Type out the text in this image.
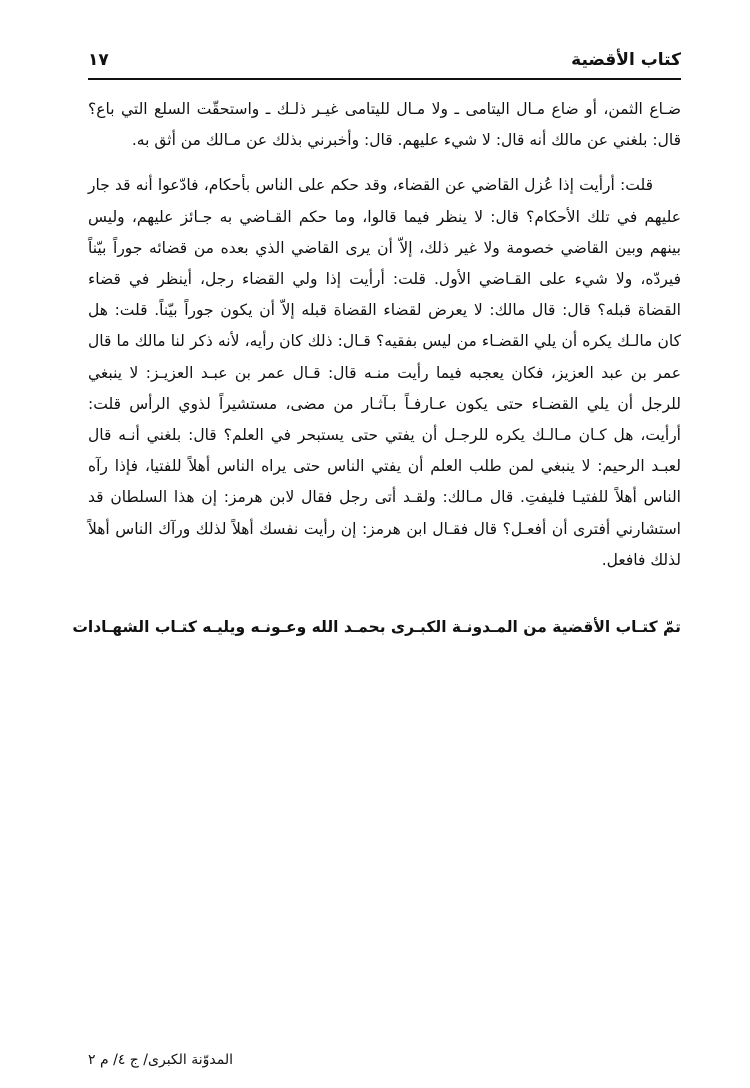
كتاب الأقضية
١٧

ضـاع الثمن، أو ضاع مـال اليتامى ـ ولا مـال لليتامى غيـر ذلـك ـ واستحقّت السلع التي باع؟ قال: بلغني عن مالك أنه قال: لا شيء عليهم. قال: وأخبرني بذلك عن مـالك من أثق به.

قلت: أرأيت إذا عُزل القاضي عن القضاء، وقد حكم على الناس بأحكام، فادّعوا أنه قد جار عليهم في تلك الأحكام؟ قال: لا ينظر فيما قالوا، وما حكم القـاضي به جـائز عليهم، وليس بينهم وبين القاضي خصومة ولا غير ذلك، إلاّ أن يرى القاضي الذي بعده من قضائه جوراً بيّناً فيردّه، ولا شيء على القـاضي الأول. قلت: أرأيت إذا ولي القضاء رجل، أينظر في قضاء القضاة قبله؟ قال: قال مالك: لا يعرض لقضاء القضاة قبله إلاّ أن يكون جوراً بيّناً. قلت: هل كان مالـك يكره أن يلي القضـاء من ليس بفقيه؟ قـال: ذلك كان رأيه، لأنه ذكر لنا مالك ما قال عمر بن عبد العزيز، فكان يعجبه فيما رأيت منـه قال: قـال عمر بن عبـد العزيـز: لا ينبغي للرجل أن يلي القضـاء حتى يكون عـارفـاً بـآثـار من مضى، مستشيراً لذوي الرأس قلت: أرأيت، هل كـان مـالـك يكره للرجـل أن يفتي حتى يستبحر في العلم؟ قال: بلغني أنـه قال لعبـد الرحيم: لا ينبغي لمن طلب العلم أن يفتي الناس حتى يراه الناس أهلاً للفتيا، فإذا رآه الناس أهلاً للفتيـا فليفتِ. قال مـالك: ولقـد أتى رجل فقال لابن هرمز: إن هذا السلطان قد استشارني أفترى أن أفعـل؟ قال فقـال ابن هرمز: إن رأيت نفسك أهلاً لذلك ورآك الناس أهلاً لذلك فافعل.

تمّ كتـاب الأقضية من المـدونـة الكبـرى بحمـد الله وعـونـه ويليـه كتـاب الشهـادات
المدوّنة الكبرى/ ج ٤/ م ٢
